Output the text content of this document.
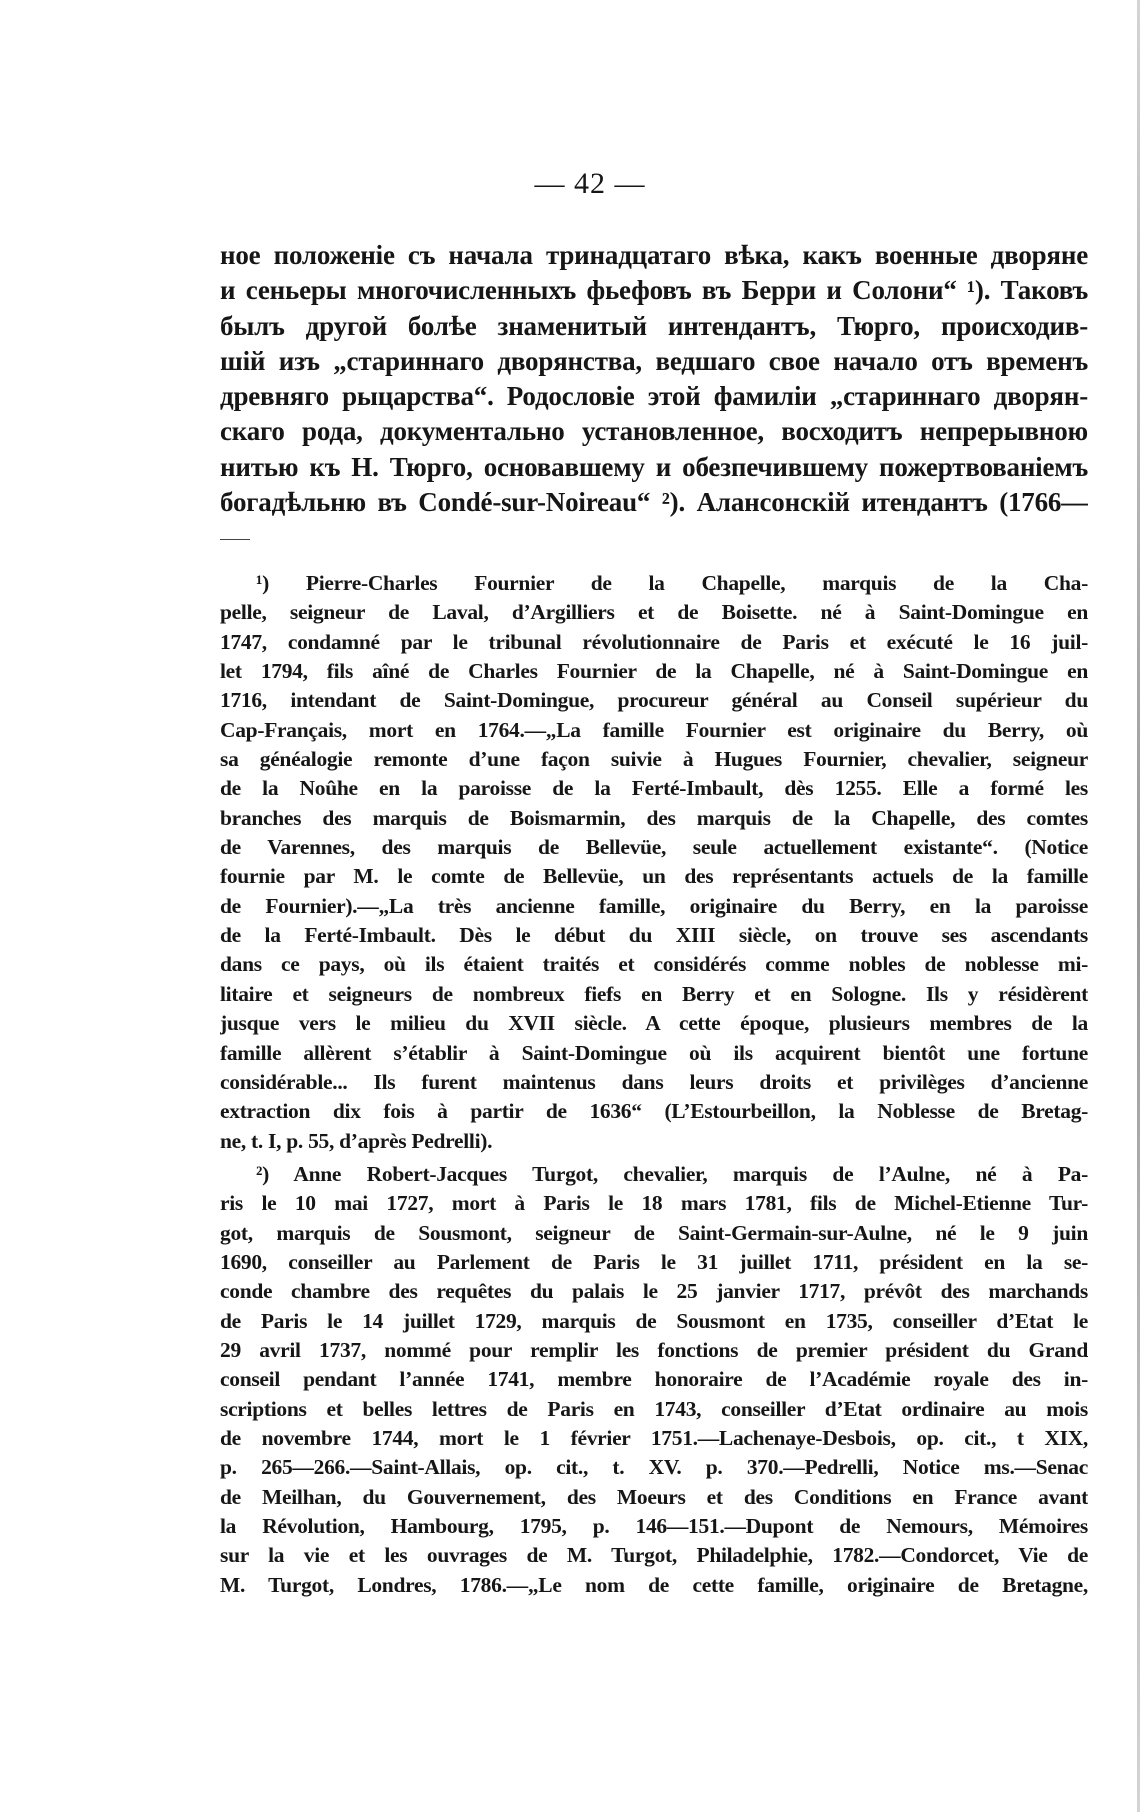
— 42 —
ное положеніе съ начала тринадцатаго вѣка, какъ военные дворяне
и сеньеры многочисленныхъ фьефовъ въ Берри и Солони“ ¹). Таковъ
былъ другой болѣе знаменитый интендантъ, Тюрго, происходив-
шій изъ „стариннаго дворянства, ведшаго свое начало отъ временъ
древняго рыцарства“. Родословіе этой фамиліи „стариннаго дворян-
скаго рода, документально установленное, восходитъ непрерывною
нитью къ Н. Тюрго, основавшему и обезпечившему пожертвованіемъ
богадѣльню въ Condé-sur-Noireau“ ²). Алансонскій итендантъ (1766—
¹) Pierre-Charles Fournier de la Chapelle, marquis de la Cha-
pelle, seigneur de Laval, d’Argilliers et de Boisette. né à Saint-Domingue en
1747, condamné par le tribunal révolutionnaire de Paris et exécuté le 16 juil-
let 1794, fils aîné de Charles Fournier de la Chapelle, né à Saint-Domingue en
1716, intendant de Saint-Domingue, procureur général au Conseil supérieur du
Cap-Français, mort en 1764.—„La famille Fournier est originaire du Berry, où
sa généalogie remonte d’une façon suivie à Hugues Fournier, chevalier, seigneur
de la Noûhe en la paroisse de la Ferté-Imbault, dès 1255. Elle a formé les
branches des marquis de Boismarmin, des marquis de la Chapelle, des comtes
de Varennes, des marquis de Bellevüe, seule actuellement existante“. (Notice
fournie par M. le comte de Bellevüe, un des représentants actuels de la famille
de Fournier).—„La très ancienne famille, originaire du Berry, en la paroisse
de la Ferté-Imbault. Dès le début du XIII siècle, on trouve ses ascendants
dans ce pays, où ils étaient traités et considérés comme nobles de noblesse mi-
litaire et seigneurs de nombreux fiefs en Berry et en Sologne. Ils y résidèrent
jusque vers le milieu du XVII siècle. A cette époque, plusieurs membres de la
famille allèrent s’établir à Saint-Domingue où ils acquirent bientôt une fortune
considérable... Ils furent maintenus dans leurs droits et privilèges d’ancienne
extraction dix fois à partir de 1636“ (L’Estourbeillon, la Noblesse de Bretag-
ne, t. I, p. 55, d’après Pedrelli).
²) Anne Robert-Jacques Turgot, chevalier, marquis de l’Aulne, né à Pa-
ris le 10 mai 1727, mort à Paris le 18 mars 1781, fils de Michel-Etienne Tur-
got, marquis de Sousmont, seigneur de Saint-Germain-sur-Aulne, né le 9 juin
1690, conseiller au Parlement de Paris le 31 juillet 1711, président en la se-
conde chambre des requêtes du palais le 25 janvier 1717, prévôt des marchands
de Paris le 14 juillet 1729, marquis de Sousmont en 1735, conseiller d’Etat le
29 avril 1737, nommé pour remplir les fonctions de premier président du Grand
conseil pendant l’année 1741, membre honoraire de l’Académie royale des in-
scriptions et belles lettres de Paris en 1743, conseiller d’Etat ordinaire au mois
de novembre 1744, mort le 1 février 1751.—Lachenaye-Desbois, op. cit., t XIX,
p. 265—266.—Saint-Allais, op. cit., t. XV. p. 370.—Pedrelli, Notice ms.—Senac
de Meilhan, du Gouvernement, des Moeurs et des Conditions en France avant
la Révolution, Hambourg, 1795, p. 146—151.—Dupont de Nemours, Mémoires
sur la vie et les ouvrages de M. Turgot, Philadelphie, 1782.—Condorcet, Vie de
M. Turgot, Londres, 1786.—„Le nom de cette famille, originaire de Bretagne,
